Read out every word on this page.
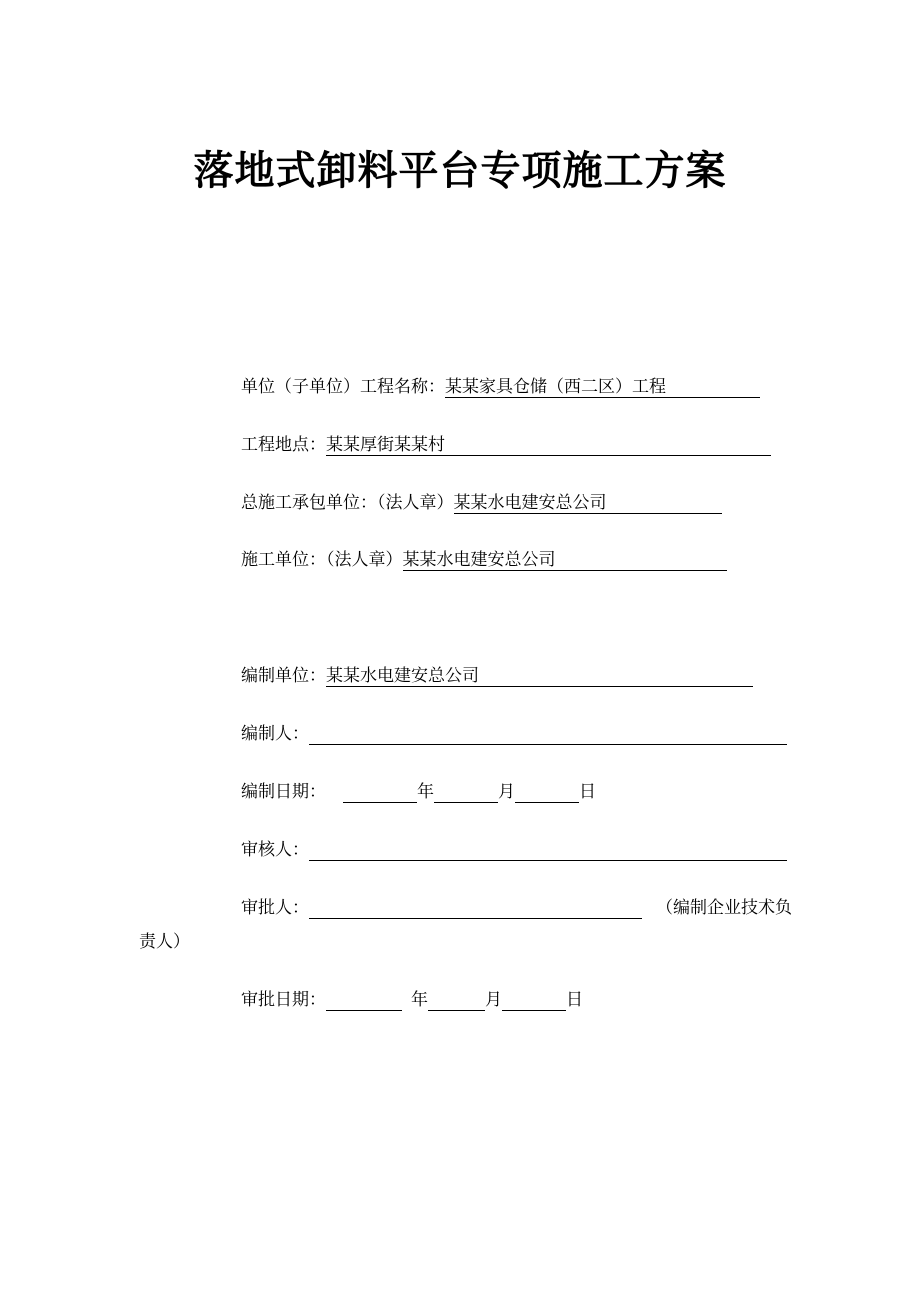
落地式卸料平台专项施工方案
单位（子单位）工程名称：某某家具仓储（西二区）工程
工程地点：某某厚街某某村
总施工承包单位：（法人章）某某水电建安总公司
施工单位：（法人章）某某水电建安总公司
编制单位：某某水电建安总公司
编制人：
编制日期：	年	月	日
审核人：
审批人：	（编制企业技术负
责人）
审批日期：	年	月	日
